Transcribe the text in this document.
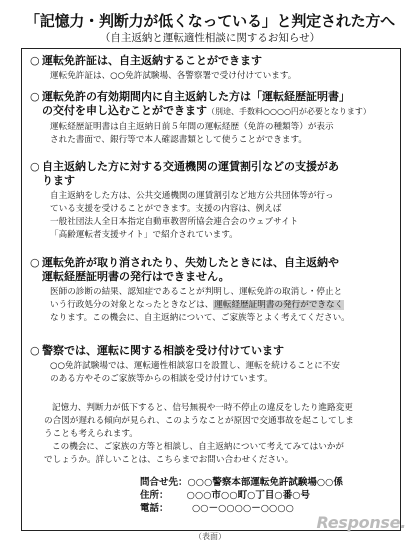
「記憶力・判断力が低くなっている」と判定された方へ
（自主返納と運転適性相談に関するお知らせ）
○ 運転免許証は、自主返納することができます

運転免許証は、○○免許試験場、各警察署で受け付けています。

○ 運転免許の有効期間内に自主返納した方は「運転経歴証明書」
の交付を申し込むことができます（別途、手数料○○○○円が必要となります）

運転経歴証明書は自主返納日前５年間の運転経歴（免許の種類等）が表示

された書面で、銀行等で本人確認書類として使うことができます。

○ 自主返納した方に対する交通機関の運賃割引などの支援があ
ります

自主返納をした方は、公共交通機関の運賃割引など地方公共団体等が行っ

ている支援を受けることができます。支援の内容は、例えば

一般社団法人全日本指定自動車教習所協会連合会のウェブサイト

「高齢運転者支援サイト」で紹介されています。

○ 運転免許が取り消されたり、失効したときには、自主返納や
運転経歴証明書の発行はできません。

医師の診断の結果、認知症であることが判明し、運転免許の取消し・停止と

いう行政処分の対象となったときなどは、運転経歴証明書の発行ができなく

なります。この機会に、自主返納について、ご家族等とよく考えてください。

○ 警察では、運転に関する相談を受け付けています

○○免許試験場では、運転適性相談窓口を設置し、運転を続けることに不安

のある方やそのご家族等からの相談を受け付けています。

記憶力、判断力が低下すると、信号無視や一時不停止の違反をしたり進路変更

の合図が遅れる傾向が見られ、このようなことが原因で交通事故を起こしてしま

うことも考えられます。

この機会に、ご家族の方等と相談し、自主返納について考えてみてはいかが

でしょうか。詳しいことは、こちらまでお問い合わせください。

問合せ先： ○○○警察本部運転免許試験場○○係
住所：	○○○市○○町○丁目○番○号
電話：	○○－○○○○－○○○○
Response.
（表面）
